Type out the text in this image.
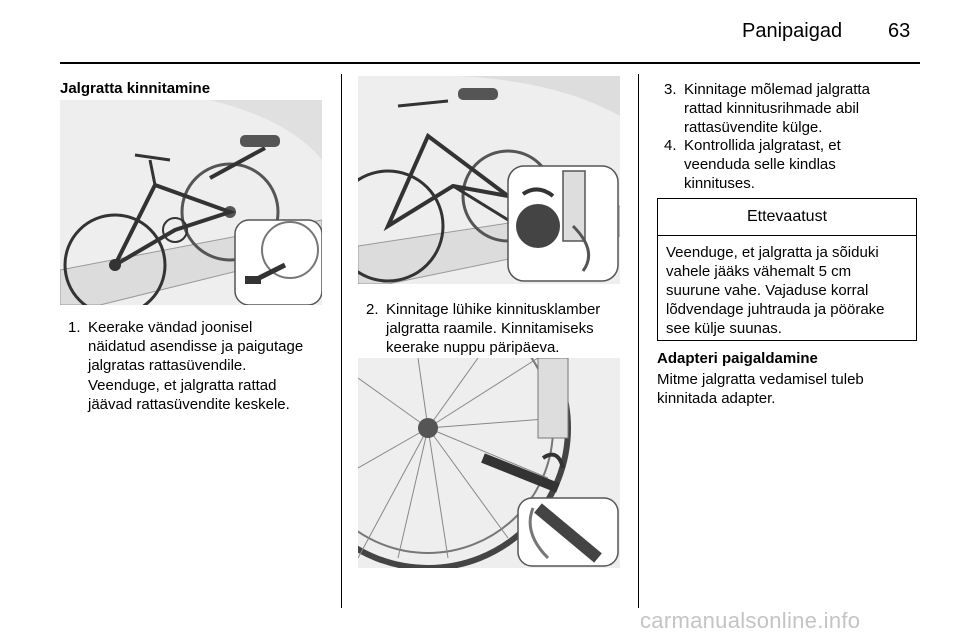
Panipaigad 63
Jalgratta kinnitamine
1. Keerake vändad joonisel
näidatud asendisse ja paigutage
jalgratas rattasüvendile.
Veenduge, et jalgratta rattad
jäävad rattasüvendite keskele.
2. Kinnitage lühike kinnitusklamber
jalgratta raamile. Kinnitamiseks
keerake nuppu päripäeva.
3. Kinnitage mõlemad jalgratta
rattad kinnitusrihmade abil
rattasüvendite külge.
4. Kontrollida jalgratast, et
veenduda selle kindlas
kinnituses.
Ettevaatust
Veenduge, et jalgratta ja sõiduki
vahele jääks vähemalt 5 cm
suurune vahe. Vajaduse korral
lõdvendage juhtrauda ja pöörake
see külje suunas.
Adapteri paigaldamine
Mitme jalgratta vedamisel tuleb
kinnitada adapter.
carmanualsonline.info
